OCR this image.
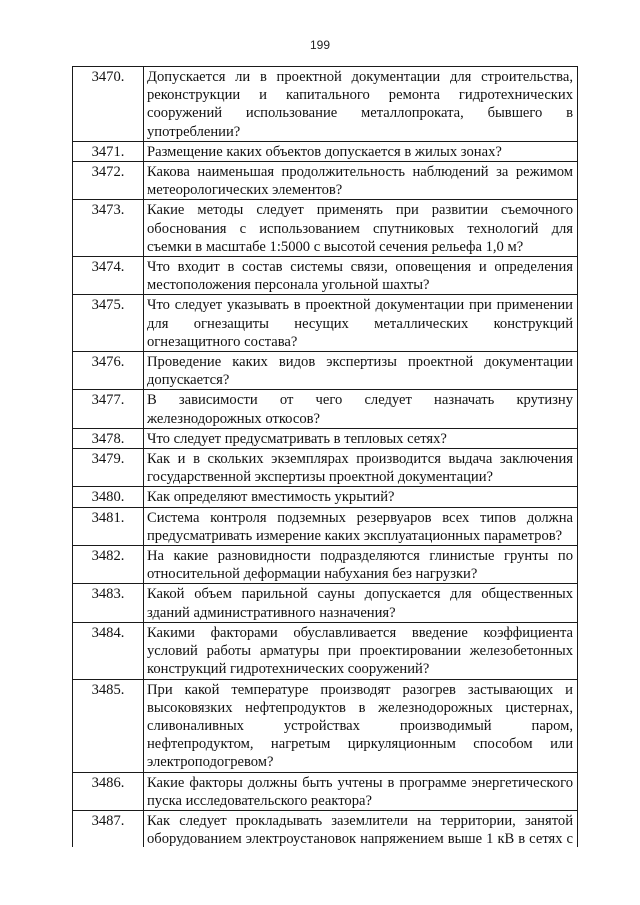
199
3470.	Допускается ли в проектной документации для строительства, реконструкции и капитального ремонта гидротехнических сооружений использование металлопроката, бывшего в употреблении?
3471.	Размещение каких объектов допускается в жилых зонах?
3472.	Какова наименьшая продолжительность наблюдений за режимом метеорологических элементов?
3473.	Какие методы следует применять при развитии съемочного обоснования с использованием спутниковых технологий для съемки в масштабе 1:5000 с высотой сечения рельефа 1,0 м?
3474.	Что входит в состав системы связи, оповещения и определения местоположения персонала угольной шахты?
3475.	Что следует указывать в проектной документации при применении для огнезащиты несущих металлических конструкций огнезащитного состава?
3476.	Проведение каких видов экспертизы проектной документации допускается?
3477.	В зависимости от чего следует назначать крутизну железнодорожных откосов?
3478.	Что следует предусматривать в тепловых сетях?
3479.	Как и в скольких экземплярах производится выдача заключения государственной экспертизы проектной документации?
3480.	Как определяют вместимость укрытий?
3481.	Система контроля подземных резервуаров всех типов должна предусматривать измерение каких эксплуатационных параметров?
3482.	На какие разновидности подразделяются глинистые грунты по относительной деформации набухания без нагрузки?
3483.	Какой объем парильной сауны допускается для общественных зданий административного назначения?
3484.	Какими факторами обуславливается введение коэффициента условий работы арматуры при проектировании железобетонных конструкций гидротехнических сооружений?
3485.	При какой температуре производят разогрев застывающих и высоковязких нефтепродуктов в железнодорожных цистернах, сливоналивных устройствах производимый паром, нефтепродуктом, нагретым циркуляционным способом или электроподогревом?
3486.	Какие факторы должны быть учтены в программе энергетического пуска исследовательского реактора?
3487.	Как следует прокладывать заземлители на территории, занятой оборудованием электроустановок напряжением выше 1 кВ в сетях с
